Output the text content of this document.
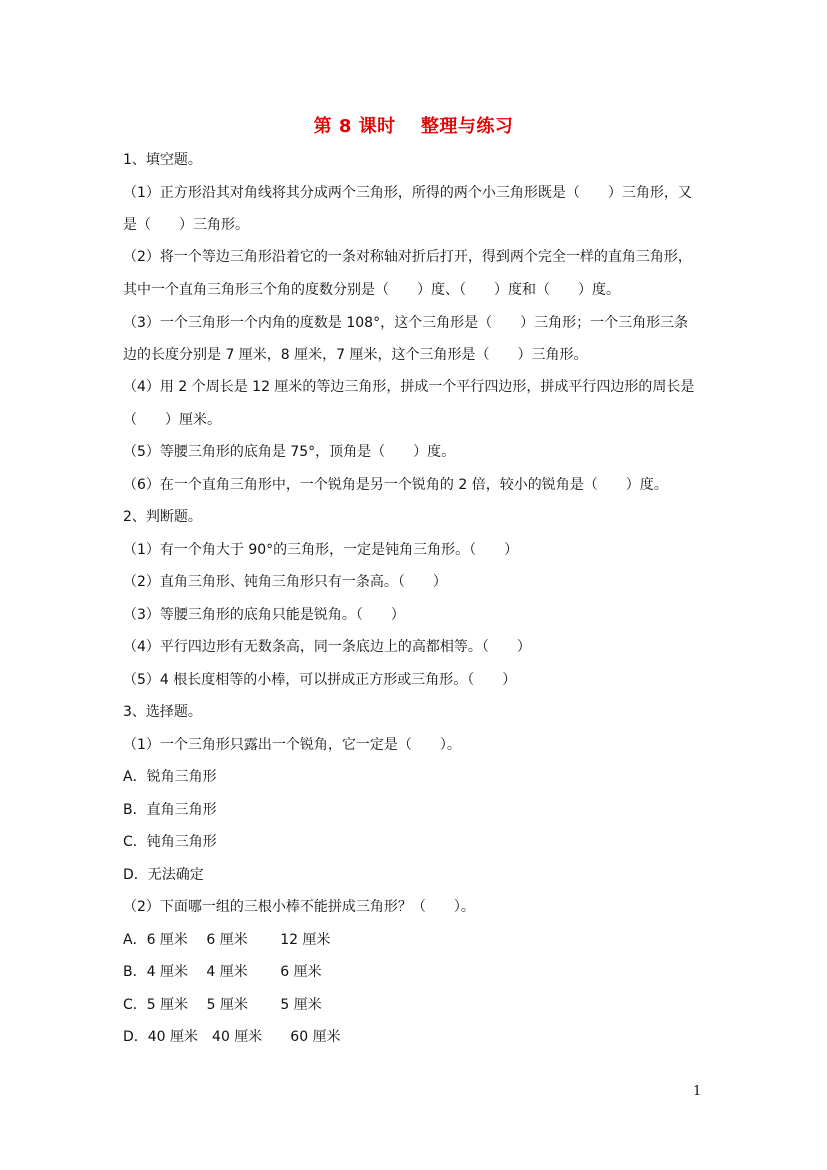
第 8 课时　 整理与练习
1、填空题。
（1）正方形沿其对角线将其分成两个三角形，所得的两个小三角形既是（　　）三角形，又
是（　　）三角形。
（2）将一个等边三角形沿着它的一条对称轴对折后打开，得到两个完全一样的直角三角形，
其中一个直角三角形三个角的度数分别是（　　）度、（　　）度和（　　）度。
（3）一个三角形一个内角的度数是 108°，这个三角形是（　　）三角形；一个三角形三条
边的长度分别是 7 厘米，8 厘米，7 厘米，这个三角形是（　　）三角形。
（4）用 2 个周长是 12 厘米的等边三角形，拼成一个平行四边形，拼成平行四边形的周长是
（　　）厘米。
（5）等腰三角形的底角是 75°，顶角是（　　）度。
（6）在一个直角三角形中，一个锐角是另一个锐角的 2 倍，较小的锐角是（　　）度。
2、判断题。
（1）有一个角大于 90°的三角形，一定是钝角三角形。（　　）
（2）直角三角形、钝角三角形只有一条高。（　　）
（3）等腰三角形的底角只能是锐角。（　　）
（4）平行四边形有无数条高，同一条底边上的高都相等。（　　）
（5）4 根长度相等的小棒，可以拼成正方形或三角形。（　　）
3、选择题。
（1）一个三角形只露出一个锐角，它一定是（　　）。
A．锐角三角形
B．直角三角形
C．钝角三角形
D．无法确定
（2）下面哪一组的三根小棒不能拼成三角形？（　　）。
A．6 厘米　 6 厘米　　 12 厘米
B．4 厘米　 4 厘米　　 6 厘米
C．5 厘米　 5 厘米　　 5 厘米
D．40 厘米　40 厘米　　60 厘米
1
